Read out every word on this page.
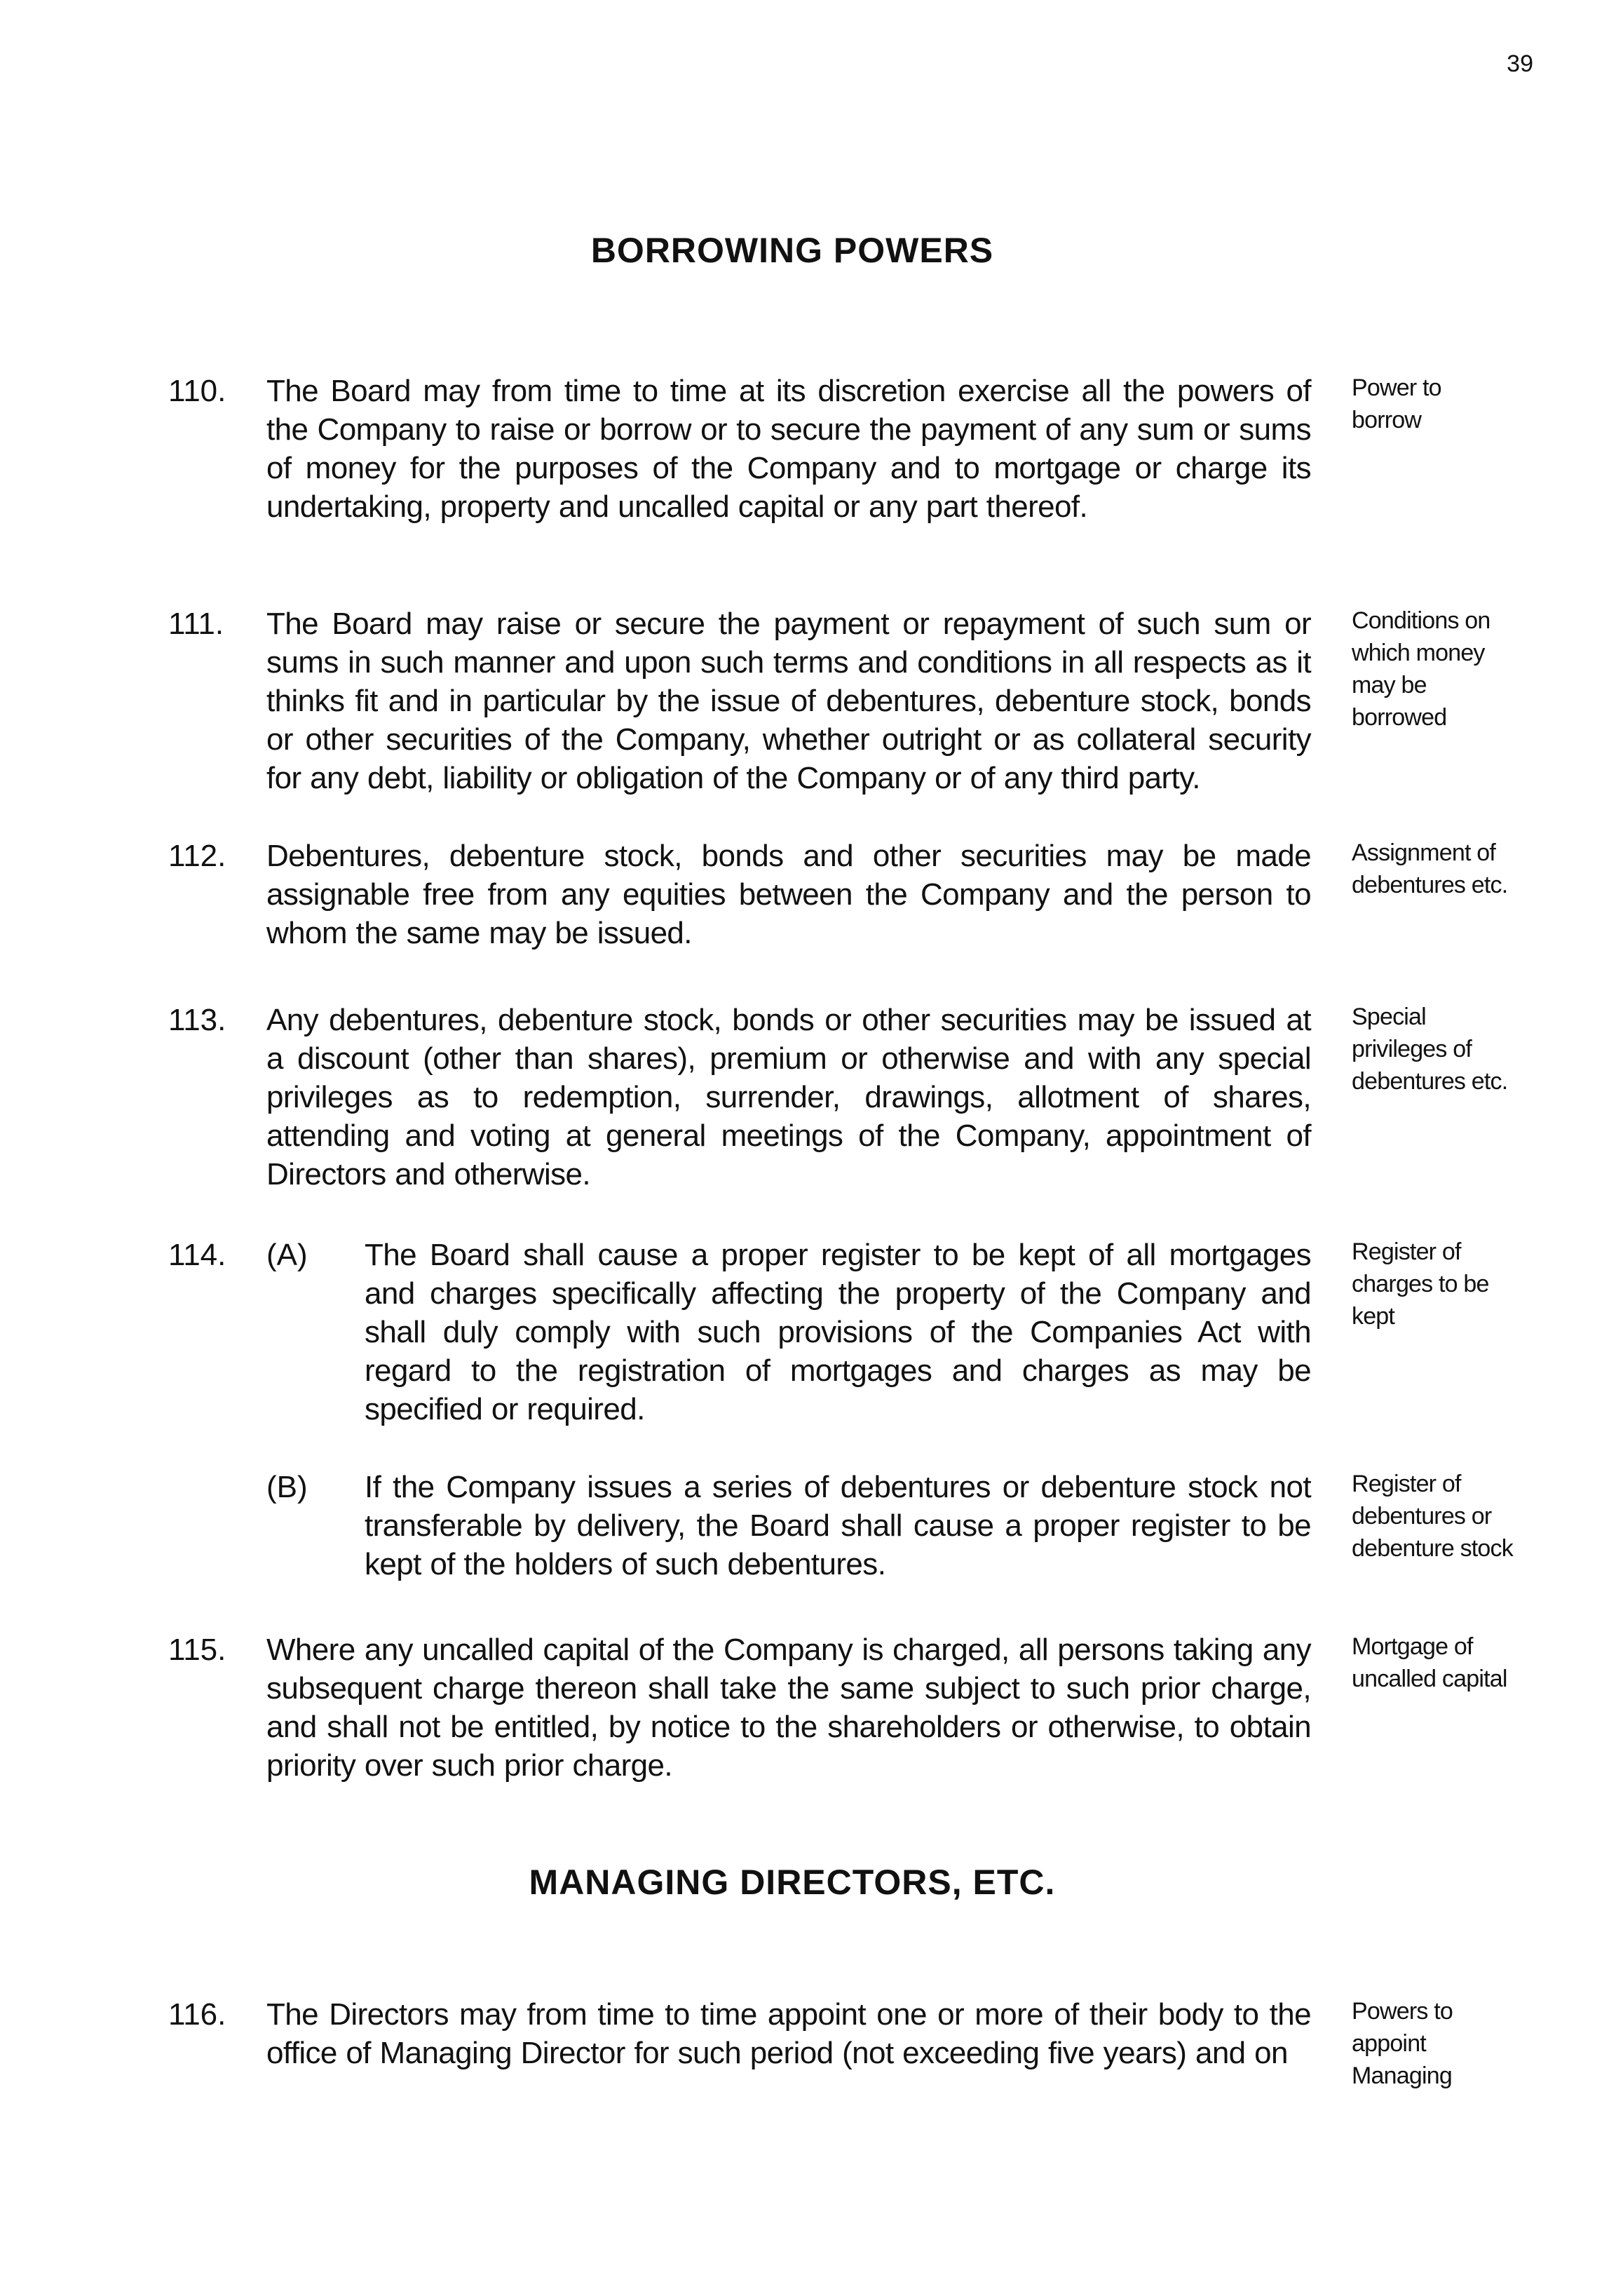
39
BORROWING POWERS
110. The Board may from time to time at its discretion exercise all the powers of the Company to raise or borrow or to secure the payment of any sum or sums of money for the purposes of the Company and to mortgage or charge its undertaking, property and uncalled capital or any part thereof.
Power to borrow
111. The Board may raise or secure the payment or repayment of such sum or sums in such manner and upon such terms and conditions in all respects as it thinks fit and in particular by the issue of debentures, debenture stock, bonds or other securities of the Company, whether outright or as collateral security for any debt, liability or obligation of the Company or of any third party.
Conditions on which money may be borrowed
112. Debentures, debenture stock, bonds and other securities may be made assignable free from any equities between the Company and the person to whom the same may be issued.
Assignment of debentures etc.
113. Any debentures, debenture stock, bonds or other securities may be issued at a discount (other than shares), premium or otherwise and with any special privileges as to redemption, surrender, drawings, allotment of shares, attending and voting at general meetings of the Company, appointment of Directors and otherwise.
Special privileges of debentures etc.
114. (A) The Board shall cause a proper register to be kept of all mortgages and charges specifically affecting the property of the Company and shall duly comply with such provisions of the Companies Act with regard to the registration of mortgages and charges as may be specified or required.
Register of charges to be kept
(B) If the Company issues a series of debentures or debenture stock not transferable by delivery, the Board shall cause a proper register to be kept of the holders of such debentures.
Register of debentures or debenture stock
115. Where any uncalled capital of the Company is charged, all persons taking any subsequent charge thereon shall take the same subject to such prior charge, and shall not be entitled, by notice to the shareholders or otherwise, to obtain priority over such prior charge.
Mortgage of uncalled capital
MANAGING DIRECTORS, ETC.
116. The Directors may from time to time appoint one or more of their body to the office of Managing Director for such period (not exceeding five years) and on
Powers to appoint Managing
